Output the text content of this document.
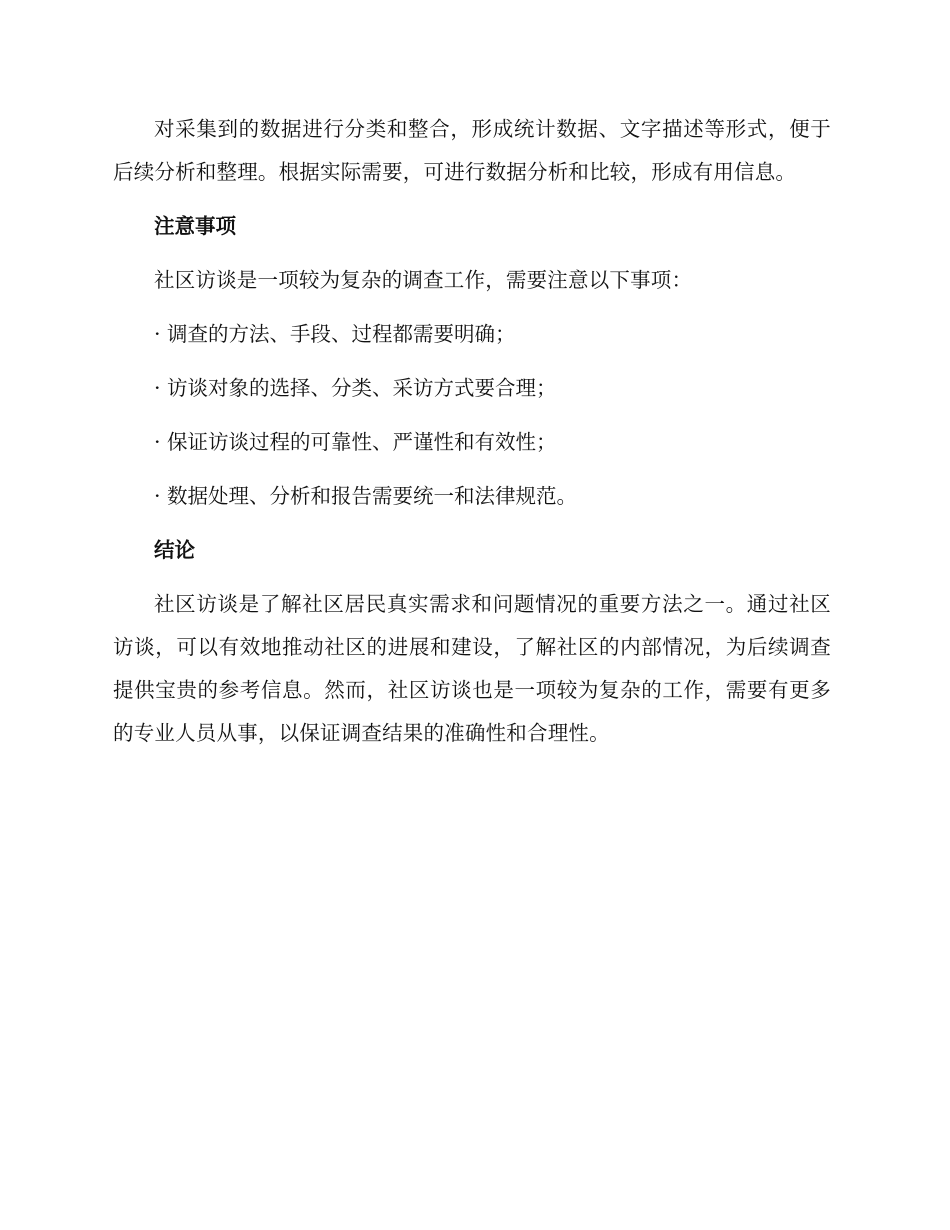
对采集到的数据进行分类和整合，形成统计数据、文字描述等形式，便于后续分析和整理。根据实际需要，可进行数据分析和比较，形成有用信息。

注意事项

社区访谈是一项较为复杂的调查工作，需要注意以下事项：

· 调查的方法、手段、过程都需要明确；

· 访谈对象的选择、分类、采访方式要合理；

· 保证访谈过程的可靠性、严谨性和有效性；

· 数据处理、分析和报告需要统一和法律规范。

结论

社区访谈是了解社区居民真实需求和问题情况的重要方法之一。通过社区访谈，可以有效地推动社区的进展和建设，了解社区的内部情况，为后续调查提供宝贵的参考信息。然而，社区访谈也是一项较为复杂的工作，需要有更多的专业人员从事，以保证调查结果的准确性和合理性。
